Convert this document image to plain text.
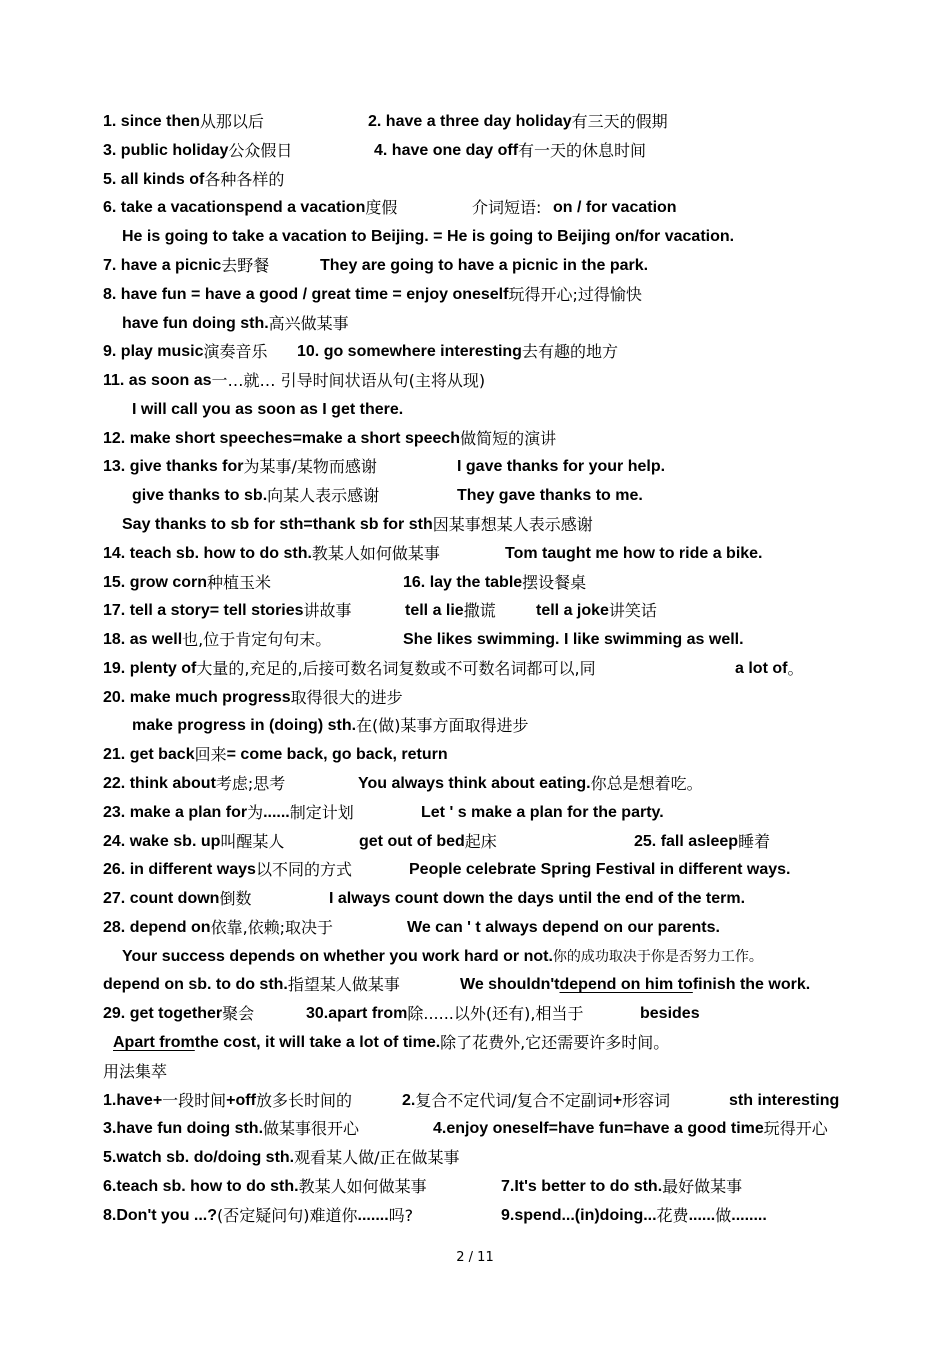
1. since then 从那以后	2. have a three day holiday 有三天的假期
3. public holiday 公众假日	4. have one day off 有一天的休息时间
5. all kinds of 各种各样的
6. take a vacation spend a vacation 度假	介词短语: on / for vacation
He is going to take a vacation to Beijing. = He is going to Beijing on/for vacation.
7. have a picnic 去野餐	They are going to have a picnic in the park.
8. have fun = have a good / great time = enjoy oneself 玩得开心;过得愉快
have fun doing sth. 高兴做某事
9. play music 演奏音乐 10. go somewhere interesting 去有趣的地方
11. as soon as 一…就… 引导时间状语从句(主将从现)
I will call you as soon as I get there.
12. make short speeches=make a short speech 做简短的演讲
13. give thanks for 为某事/某物而感谢	I gave thanks for your help.
give thanks to sb. 向某人表示感谢	They gave thanks to me.
Say thanks to sb for sth=thank sb for sth 因某事想某人表示感谢
14. teach sb. how to do sth. 教某人如何做某事	Tom taught me how to ride a bike.
15. grow corn 种植玉米	16. lay the table 摆设餐桌
17. tell a story= tell stories 讲故事	tell a lie 撒谎	tell a joke 讲笑话
18. as well 也,位于肯定句句末。	She likes swimming. I like swimming as well.
19. plenty of 大量的,充足的,后接可数名词复数或不可数名词都可以,同	a lot of 。
20. make much progress 取得很大的进步
make progress in (doing) sth. 在(做)某事方面取得进步
21. get back 回来 = come back, go back, return
22. think about 考虑;思考	You always think about eating. 你总是想着吃。
23. make a plan for 为 ...... 制定计划	Let ' s make a plan for the party.
24. wake sb. up 叫醒某人	get out of bed 起床	25. fall asleep 睡着
26. in different ways 以不同的方式	People celebrate Spring Festival in different ways.
27. count down 倒数	I always count down the days until the end of the term.
28. depend on 依靠,依赖;取决于	We can ' t always depend on our parents.
Your success depends on whether you work hard or not. 你的成功取决于你是否努力工作。
depend on sb. to do sth. 指望某人做某事	We shouldn't depend on him to finish the work.
29. get together 聚会	30.apart from 除......以外(还有),相当于	besides
Apart from the cost, it will take a lot of time. 除了花费外,它还需要许多时间。
用法集萃
1.have+ 一段时间 +off 放多长时间的	2. 复合不定代词/复合不定副词 + 形容词	sth interesting
3.have fun doing sth. 做某事很开心	4.enjoy oneself=have fun=have a good time 玩得开心
5.watch sb. do/doing sth. 观看某人做/正在做某事
6.teach sb. how to do sth. 教某人如何做某事	7.It's better to do sth. 最好做某事
8.Don't you ...? (否定疑问句)难道你 ....... 吗?	9.spend...(in)doing... 花费 ...... 做 ........
2 / 11
